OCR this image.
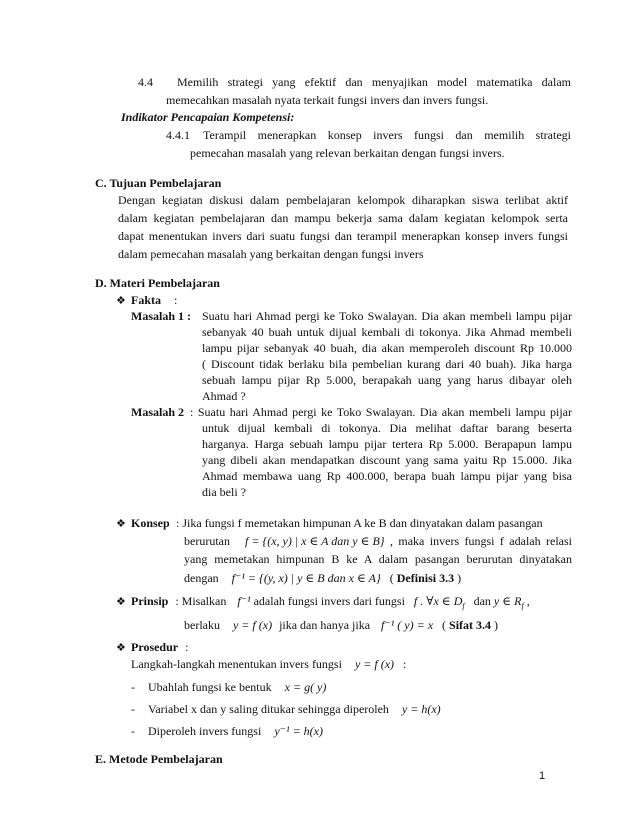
4.4 Memilih strategi yang efektif dan menyajikan model matematika dalam
memecahkan masalah nyata terkait fungsi invers dan invers fungsi.
Indikator Pencapaian Kompetensi:
4.4.1 Terampil menerapkan konsep invers fungsi dan memilih strategi
pemecahan masalah yang relevan berkaitan dengan fungsi invers.
C. Tujuan Pembelajaran
Dengan kegiatan diskusi dalam pembelajaran kelompok diharapkan siswa terlibat aktif
dalam kegiatan pembelajaran dan mampu bekerja sama dalam kegiatan kelompok serta
dapat menentukan invers dari suatu fungsi dan terampil menerapkan konsep invers fungsi
dalam pemecahan masalah yang berkaitan dengan fungsi invers
D. Materi Pembelajaran
❖ Fakta :
Masalah 1 : Suatu hari Ahmad pergi ke Toko Swalayan. Dia akan membeli lampu pijar
sebanyak 40 buah untuk dijual kembali di tokonya. Jika Ahmad membeli
lampu pijar sebanyak 40 buah, dia akan memperoleh discount Rp 10.000
( Discount tidak berlaku bila pembelian kurang dari 40 buah). Jika harga
sebuah lampu pijar Rp 5.000, berapakah uang yang harus dibayar oleh
Ahmad ?
Masalah 2 : Suatu hari Ahmad pergi ke Toko Swalayan. Dia akan membeli lampu pijar
untuk dijual kembali di tokonya. Dia melihat daftar barang beserta
harganya. Harga sebuah lampu pijar tertera Rp 5.000. Berapapun lampu
yang dibeli akan mendapatkan discount yang sama yaitu Rp 15.000. Jika
Ahmad membawa uang Rp 400.000, berapa buah lampu pijar yang bisa
dia beli ?
❖ Konsep : Jika fungsi f memetakan himpunan A ke B dan dinyatakan dalam pasangan
berurutan f = {(x, y) | x ∈ A dan y ∈ B} , maka invers fungsi f adalah relasi
yang memetakan himpunan B ke A dalam pasangan berurutan dinyatakan
dengan f⁻¹ = {(y, x) | y ∈ B dan x ∈ A} ( Definisi 3.3 )
❖ Prinsip : Misalkan f⁻¹ adalah fungsi invers dari fungsi f . ∀x ∈ $D_f$ dan y ∈ $R_f$ ,
berlaku y = f (x) jika dan hanya jika f⁻¹ ( y) = x ( Sifat 3.4 )
❖ Prosedur :
Langkah-langkah menentukan invers fungsi y = f (x) :
- Ubahlah fungsi ke bentuk x = g( y)
- Variabel x dan y saling ditukar sehingga diperoleh y = h(x)
- Diperoleh invers fungsi y⁻¹ = h(x)
E. Metode Pembelajaran
1
